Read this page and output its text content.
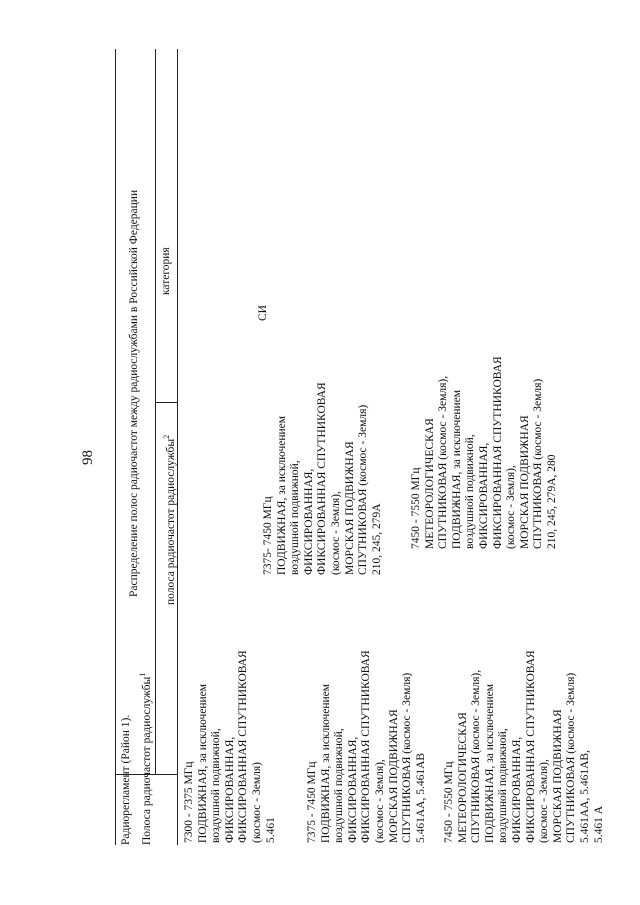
98
Радиорегламент (Район 1). Полоса радиочастот радиослужбы$^1$
Распределение полос радиочастот между радиослужбами в Российской Федерации	полоса радиочастот радиослужбы$^2$
категория
7300 - 7375 МГц ПОДВИЖНАЯ, за исключением воздушной подвижной, ФИКСИРОВАННАЯ, ФИКСИРОВАННАЯ СПУТНИКОВАЯ (космос - Земля) 5.461	7375 - 7450 МГц ПОДВИЖНАЯ, за исключением воздушной подвижной, ФИКСИРОВАННАЯ, ФИКСИРОВАННАЯ СПУТНИКОВАЯ (космос - Земля), МОРСКАЯ ПОДВИЖНАЯ СПУТНИКОВАЯ (космос - Земля) 5.461АА, 5.461АВ
7375- 7450 МГц ПОДВИЖНАЯ, за исключением воздушной подвижной, ФИКСИРОВАННАЯ, ФИКСИРОВАННАЯ СПУТНИКОВАЯ (космос - Земля), МОРСКАЯ ПОДВИЖНАЯ СПУТНИКОВАЯ (космос - Земля) 210, 245, 279А
СИ
7450 - 7550 МГц МЕТЕОРОЛОГИЧЕСКАЯ СПУТНИКОВАЯ (космос - Земля), ПОДВИЖНАЯ, за исключением воздушной подвижной, ФИКСИРОВАННАЯ, ФИКСИРОВАННАЯ СПУТНИКОВАЯ (космос - Земля), МОРСКАЯ ПОДВИЖНАЯ СПУТНИКОВАЯ (космос - Земля) 5.461АА, 5.461АВ, 5.461 А
7450 - 7550 МГц МЕТЕОРОЛОГИЧЕСКАЯ СПУТНИКОВАЯ (космос - Земля), ПОДВИЖНАЯ, за исключением воздушной подвижной, ФИКСИРОВАННАЯ, ФИКСИРОВАННАЯ СПУТНИКОВАЯ (космос - Земля), МОРСКАЯ ПОДВИЖНАЯ СПУТНИКОВАЯ (космос - Земля) 210, 245, 279А, 280
